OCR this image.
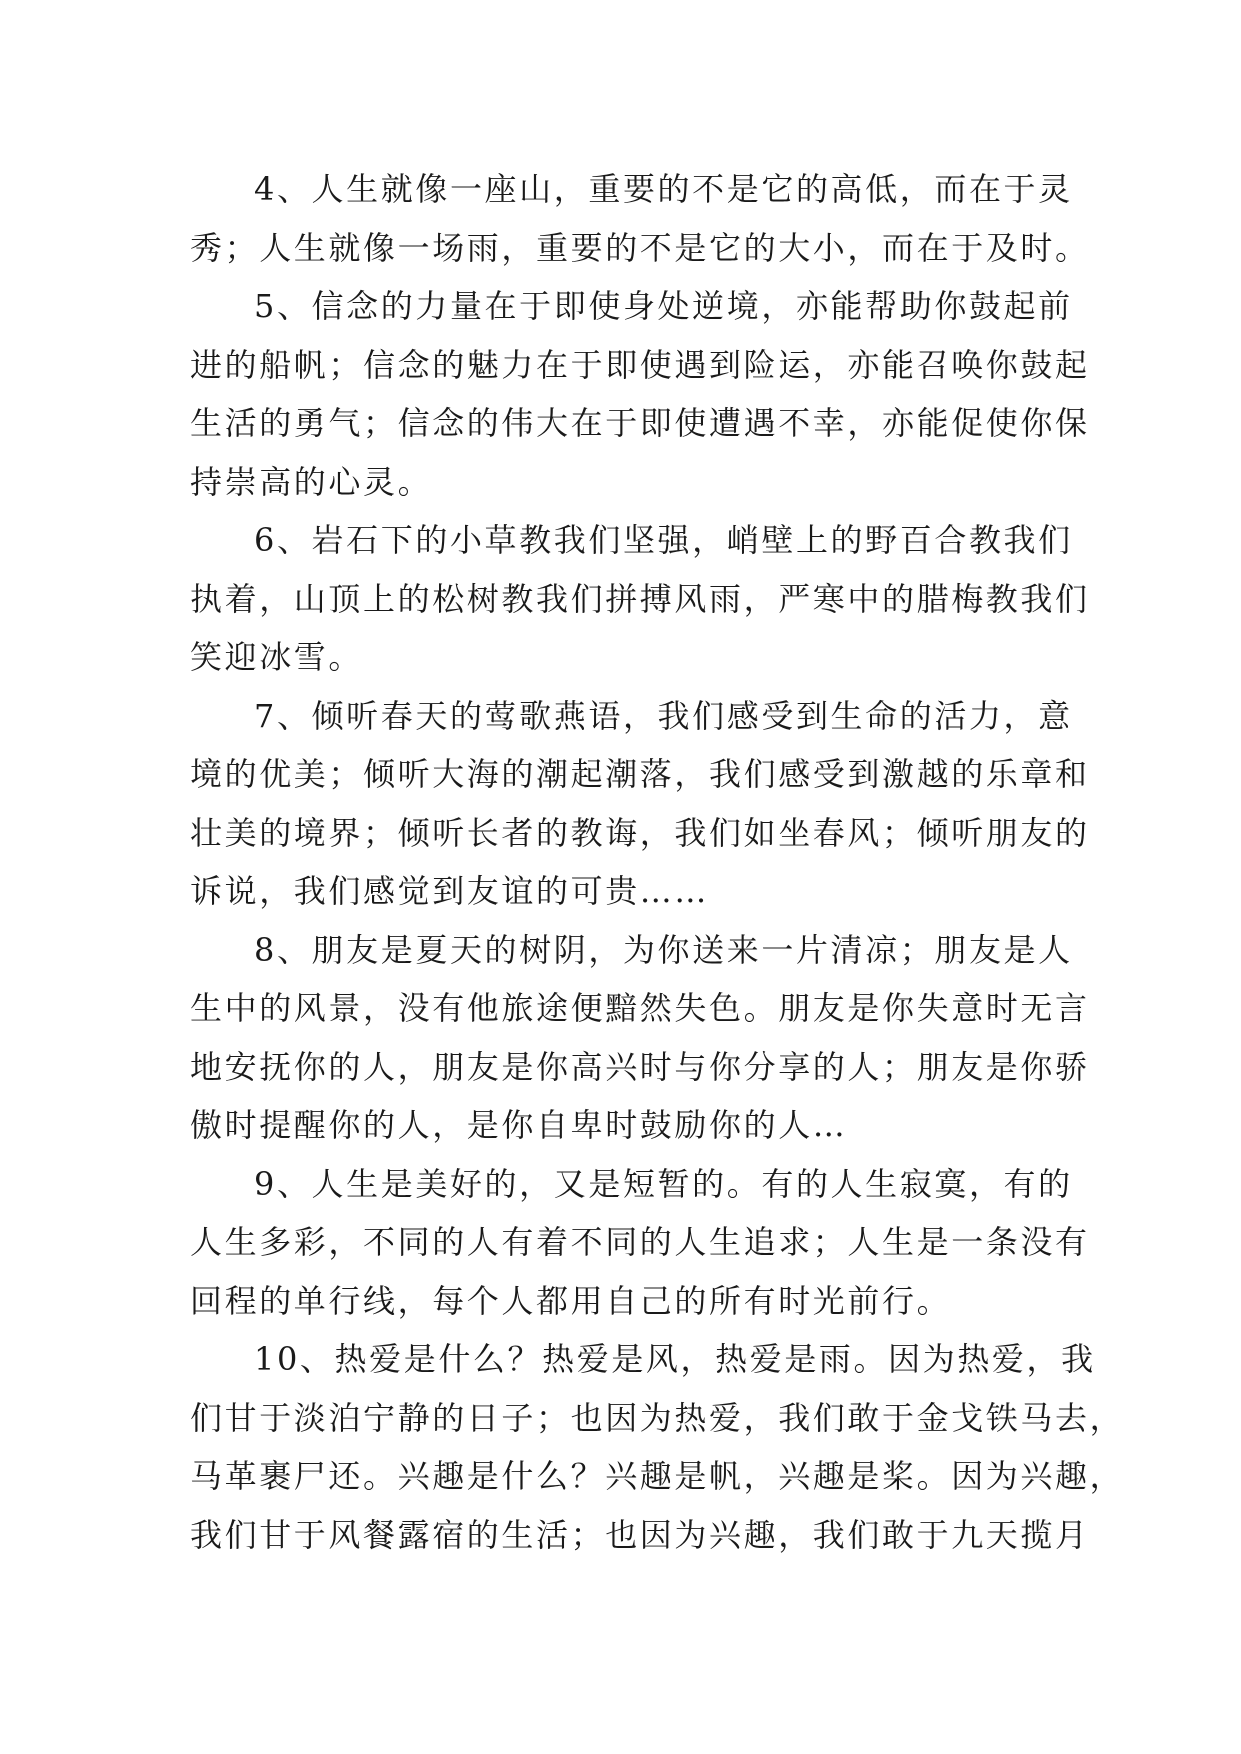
4、人生就像一座山，重要的不是它的高低，而在于灵
秀；人生就像一场雨，重要的不是它的大小，而在于及时。
5、信念的力量在于即使身处逆境，亦能帮助你鼓起前
进的船帆；信念的魅力在于即使遇到险运，亦能召唤你鼓起
生活的勇气；信念的伟大在于即使遭遇不幸，亦能促使你保
持崇高的心灵。
6、岩石下的小草教我们坚强，峭壁上的野百合教我们
执着，山顶上的松树教我们拼搏风雨，严寒中的腊梅教我们
笑迎冰雪。
7、倾听春天的莺歌燕语，我们感受到生命的活力，意
境的优美；倾听大海的潮起潮落，我们感受到激越的乐章和
壮美的境界；倾听长者的教诲，我们如坐春风；倾听朋友的
诉说，我们感觉到友谊的可贵……
8、朋友是夏天的树阴，为你送来一片清凉；朋友是人
生中的风景，没有他旅途便黯然失色。朋友是你失意时无言
地安抚你的人，朋友是你高兴时与你分享的人；朋友是你骄
傲时提醒你的人，是你自卑时鼓励你的人…
9、人生是美好的，又是短暂的。有的人生寂寞，有的
人生多彩，不同的人有着不同的人生追求；人生是一条没有
回程的单行线，每个人都用自己的所有时光前行。
10、热爱是什么？热爱是风，热爱是雨。因为热爱，我
们甘于淡泊宁静的日子；也因为热爱，我们敢于金戈铁马去，
马革裹尸还。兴趣是什么？兴趣是帆，兴趣是桨。因为兴趣，
我们甘于风餐露宿的生活；也因为兴趣，我们敢于九天揽月
